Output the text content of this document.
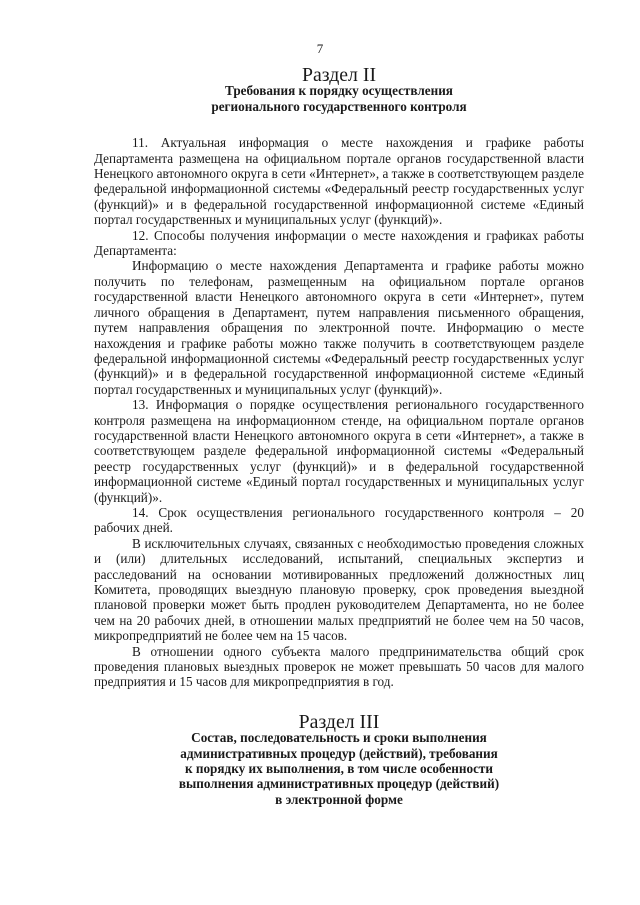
7
Раздел II
Требования к порядку осуществления
регионального государственного контроля

11. Актуальная информация о месте нахождения и графике работы Департамента размещена на официальном портале органов государственной власти Ненецкого автономного округа в сети «Интернет», а также в соответствующем разделе федеральной информационной системы «Федеральный реестр государственных услуг (функций)» и в федеральной государственной информационной системе «Единый портал государственных и муниципальных услуг (функций)».

12. Способы получения информации о месте нахождения и графиках работы Департамента:

Информацию о месте нахождения Департамента и графике работы можно получить по телефонам, размещенным на официальном портале органов государственной власти Ненецкого автономного округа в сети «Интернет», путем личного обращения в Департамент, путем направления письменного обращения, путем направления обращения по электронной почте. Информацию о месте нахождения и графике работы можно также получить в соответствующем разделе федеральной информационной системы «Федеральный реестр государственных услуг (функций)» и в федеральной государственной информационной системе «Единый портал государственных и муниципальных услуг (функций)».

13. Информация о порядке осуществления регионального государственного контроля размещена на информационном стенде, на официальном портале органов государственной власти Ненецкого автономного округа в сети «Интернет», а также в соответствующем разделе федеральной информационной системы «Федеральный реестр государственных услуг (функций)» и в федеральной государственной информационной системе «Единый портал государственных и муниципальных услуг (функций)».

14. Срок осуществления регионального государственного контроля – 20 рабочих дней.

В исключительных случаях, связанных с необходимостью проведения сложных и (или) длительных исследований, испытаний, специальных экспертиз и расследований на основании мотивированных предложений должностных лиц Комитета, проводящих выездную плановую проверку, срок проведения выездной плановой проверки может быть продлен руководителем Департамента, но не более чем на 20 рабочих дней, в отношении малых предприятий не более чем на 50 часов, микропредприятий не более чем на 15 часов.

В отношении одного субъекта малого предпринимательства общий срок проведения плановых выездных проверок не может превышать 50 часов для малого предприятия и 15 часов для микропредприятия в год.

Раздел III
Состав, последовательность и сроки выполнения
административных процедур (действий), требования
к порядку их выполнения, в том числе особенности
выполнения административных процедур (действий)
в электронной форме
